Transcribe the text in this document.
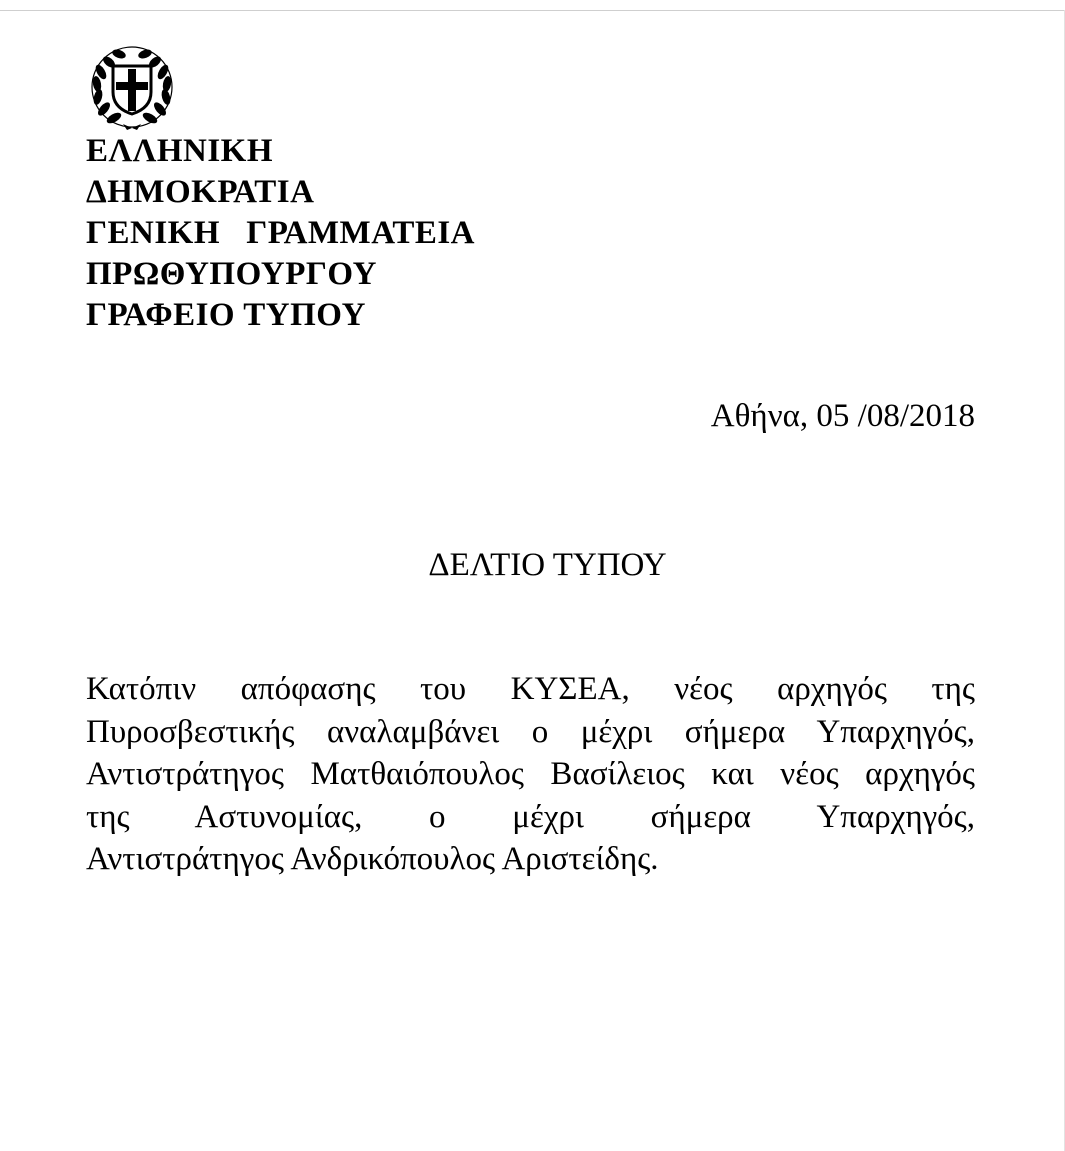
ΕΛΛΗΝΙΚΗ
ΔΗΜΟΚΡΑΤΙΑ
ΓΕΝΙΚΗ   ΓΡΑΜΜΑΤΕΙΑ
ΠΡΩΘΥΠΟΥΡΓΟΥ
ΓΡΑΦΕΙΟ ΤΥΠΟΥ
Αθήνα, 05 /08/2018
ΔΕΛΤΙΟ ΤΥΠΟΥ
Κατόπιν απόφασης του ΚΥΣΕΑ, νέος αρχηγός της
Πυροσβεστικής αναλαμβάνει ο μέχρι σήμερα Υπαρχηγός,
Αντιστράτηγος Ματθαιόπουλος Βασίλειος και νέος αρχηγός
της Αστυνομίας, ο μέχρι σήμερα Υπαρχηγός,
Αντιστράτηγος Ανδρικόπουλος Αριστείδης.
